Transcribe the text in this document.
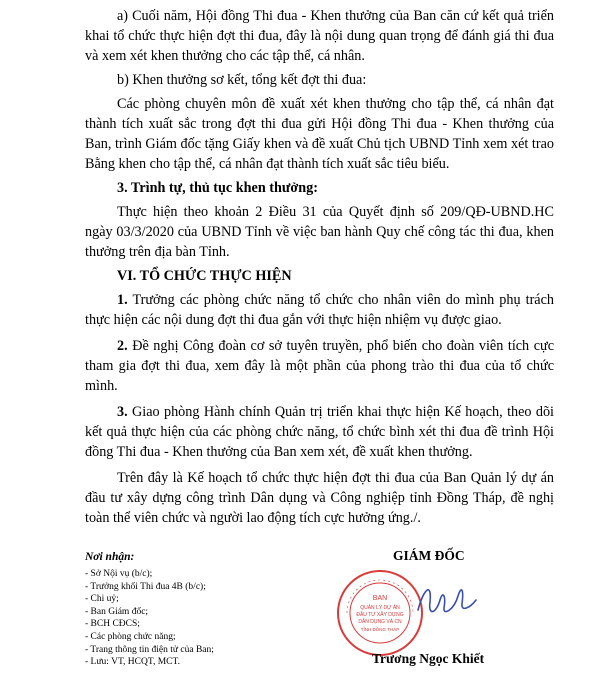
a) Cuối năm, Hội đồng Thi đua - Khen thưởng của Ban căn cứ kết quả triển khai tổ chức thực hiện đợt thi đua, đây là nội dung quan trọng để đánh giá thi đua và xem xét khen thưởng cho các tập thể, cá nhân.

b) Khen thưởng sơ kết, tổng kết đợt thi đua:

Các phòng chuyên môn đề xuất xét khen thưởng cho tập thể, cá nhân đạt thành tích xuất sắc trong đợt thi đua gửi Hội đồng Thi đua - Khen thưởng của Ban, trình Giám đốc tặng Giấy khen và đề xuất Chủ tịch UBND Tỉnh xem xét trao Bằng khen cho tập thể, cá nhân đạt thành tích xuất sắc tiêu biểu.

3. Trình tự, thủ tục khen thưởng:

Thực hiện theo khoản 2 Điều 31 của Quyết định số 209/QĐ-UBND.HC ngày 03/3/2020 của UBND Tỉnh về việc ban hành Quy chế công tác thi đua, khen thưởng trên địa bàn Tỉnh.

VI. TỔ CHỨC THỰC HIỆN

1. Trưởng các phòng chức năng tổ chức cho nhân viên do mình phụ trách thực hiện các nội dung đợt thi đua gắn với thực hiện nhiệm vụ được giao.

2. Đề nghị Công đoàn cơ sở tuyên truyền, phổ biến cho đoàn viên tích cực tham gia đợt thi đua, xem đây là một phần của phong trào thi đua của tổ chức mình.

3. Giao phòng Hành chính Quản trị triển khai thực hiện Kế hoạch, theo dõi kết quả thực hiện của các phòng chức năng, tổ chức bình xét thi đua đề trình Hội đồng Thi đua - Khen thưởng của Ban xem xét, đề xuất khen thưởng.

Trên đây là Kế hoạch tổ chức thực hiện đợt thi đua của Ban Quản lý dự án đầu tư xây dựng công trình Dân dụng và Công nghiệp tỉnh Đồng Tháp, đề nghị toàn thể viên chức và người lao động tích cực hưởng ứng./.

Nơi nhận:
- Sở Nội vụ (b/c);
- Trưởng khối Thi đua 4B (b/c);
- Chi uỷ;
- Ban Giám đốc;
- BCH CĐCS;
- Các phòng chức năng;
- Trang thông tin điện tử của Ban;
- Lưu: VT, HCQT, MCT.
GIÁM ĐỐC
BAN
QUẢN LÝ DỰ ÁN
ĐẦU TƯ XÂY DỰNG
DÂN DỤNG VÀ CN
TỈNH ĐỒNG THÁP
Trương Ngọc Khiết
